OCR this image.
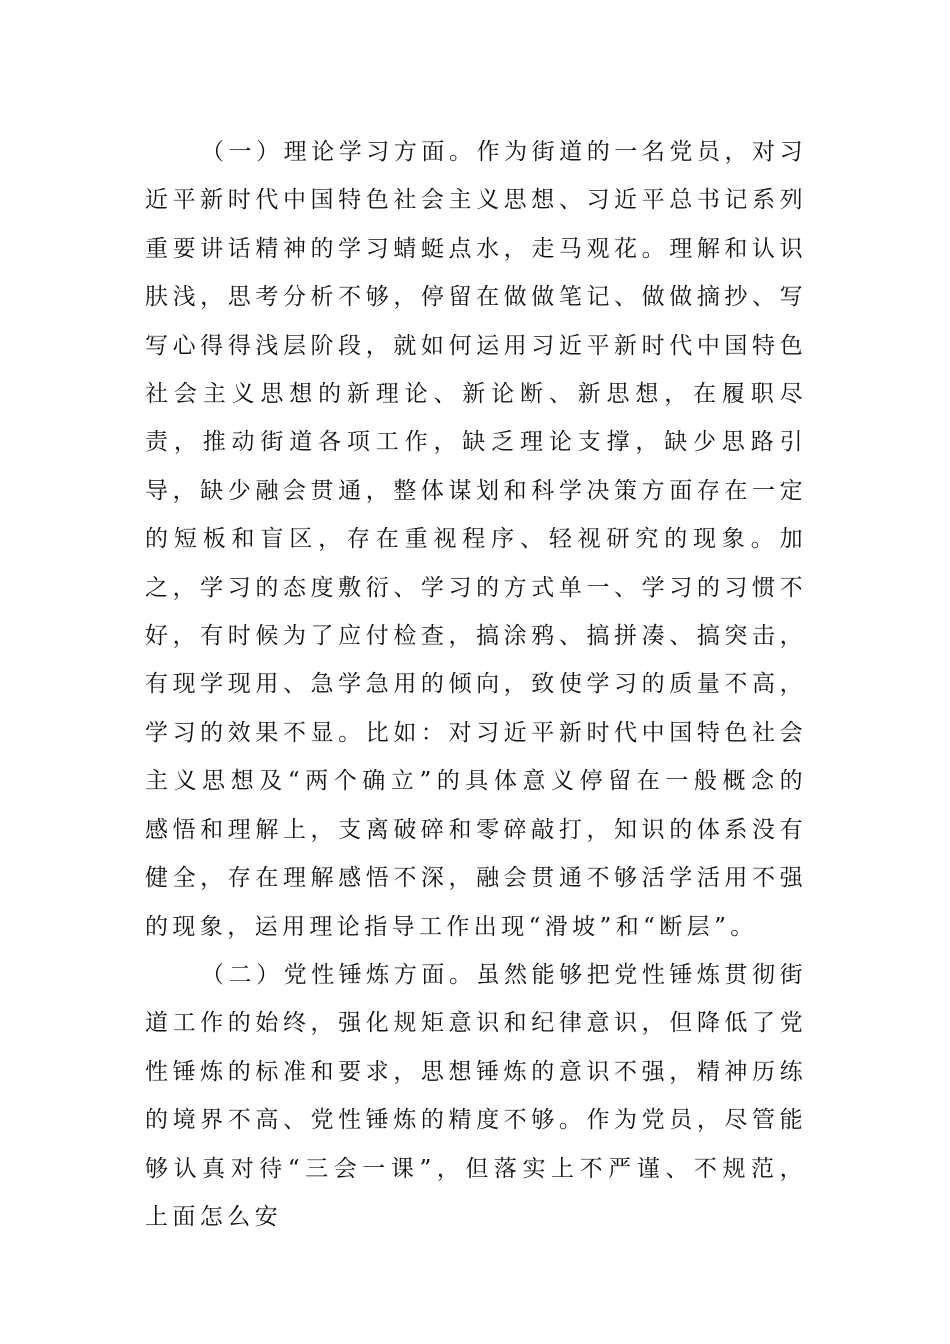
（一）理论学习方面。作为街道的一名党员，对习近平新时代中国特色社会主义思想、习近平总书记系列重要讲话精神的学习蜻蜓点水，走马观花。理解和认识肤浅，思考分析不够，停留在做做笔记、做做摘抄、写写心得得浅层阶段，就如何运用习近平新时代中国特色社会主义思想的新理论、新论断、新思想，在履职尽责，推动街道各项工作，缺乏理论支撑，缺少思路引导，缺少融会贯通，整体谋划和科学决策方面存在一定的短板和盲区，存在重视程序、轻视研究的现象。加之，学习的态度敷衍、学习的方式单一、学习的习惯不好，有时候为了应付检查，搞涂鸦、搞拼凑、搞突击，有现学现用、急学急用的倾向，致使学习的质量不高，学习的效果不显。比如：对习近平新时代中国特色社会主义思想及“两个确立”的具体意义停留在一般概念的感悟和理解上，支离破碎和零碎敲打，知识的体系没有健全，存在理解感悟不深，融会贯通不够活学活用不强的现象，运用理论指导工作出现“滑坡”和“断层”。

（二）党性锤炼方面。虽然能够把党性锤炼贯彻街道工作的始终，强化规矩意识和纪律意识，但降低了党性锤炼的标准和要求，思想锤炼的意识不强，精神历练的境界不高、党性锤炼的精度不够。作为党员，尽管能够认真对待“三会一课”，但落实上不严谨、不规范，上面怎么安
